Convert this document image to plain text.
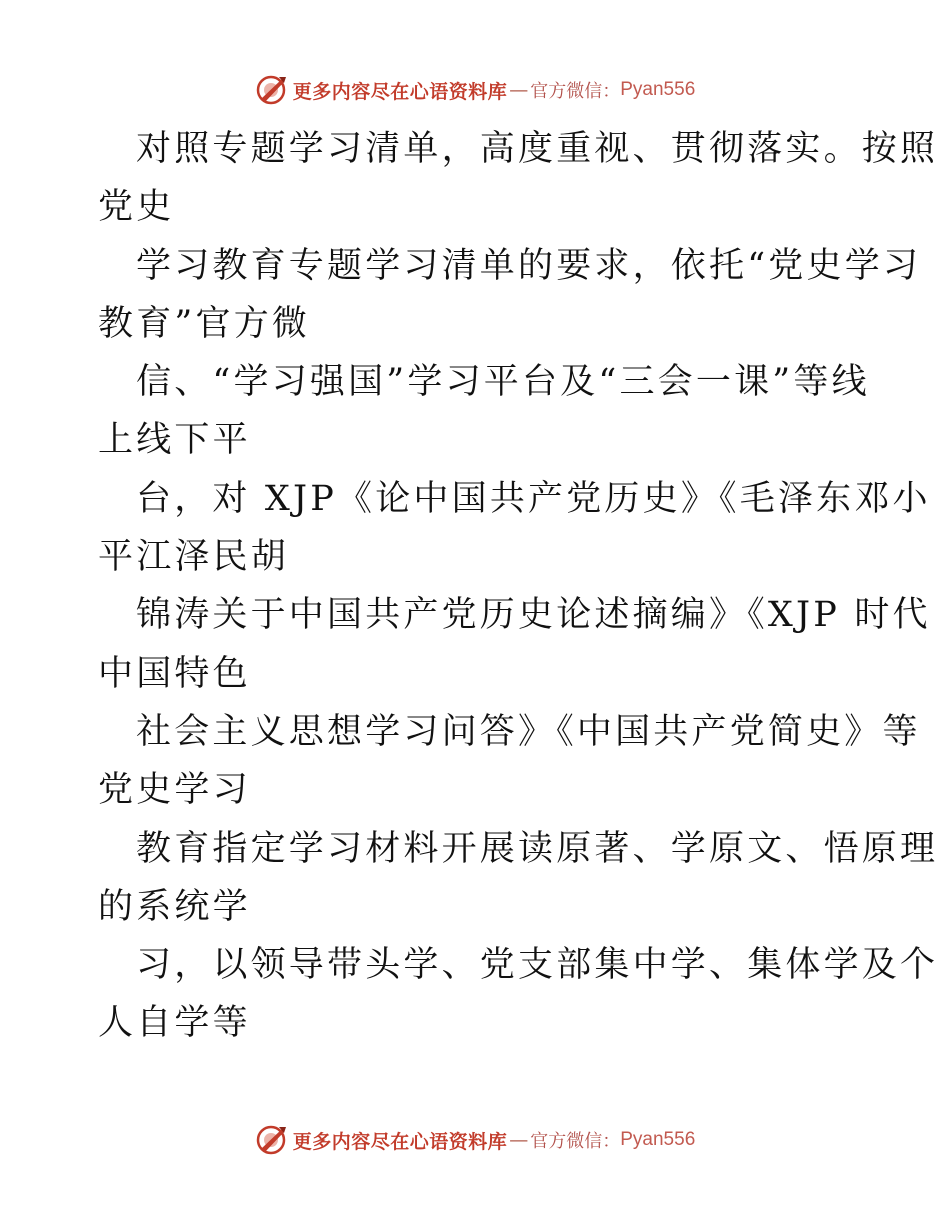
更多内容尽在心语资料库 — 官方微信： Pyan556
对照专题学习清单，高度重视、贯彻落实。按照
党史
学习教育专题学习清单的要求，依托“党史学习
教育”官方微
信、“学习强国”学习平台及“三会一课”等线
上线下平
台，对 XJP《论中国共产党历史》《毛泽东邓小
平江泽民胡
锦涛关于中国共产党历史论述摘编》《XJP 时代
中国特色
社会主义思想学习问答》《中国共产党简史》等
党史学习
教育指定学习材料开展读原著、学原文、悟原理
的系统学
习，以领导带头学、党支部集中学、集体学及个
人自学等
更多内容尽在心语资料库 — 官方微信： Pyan556
